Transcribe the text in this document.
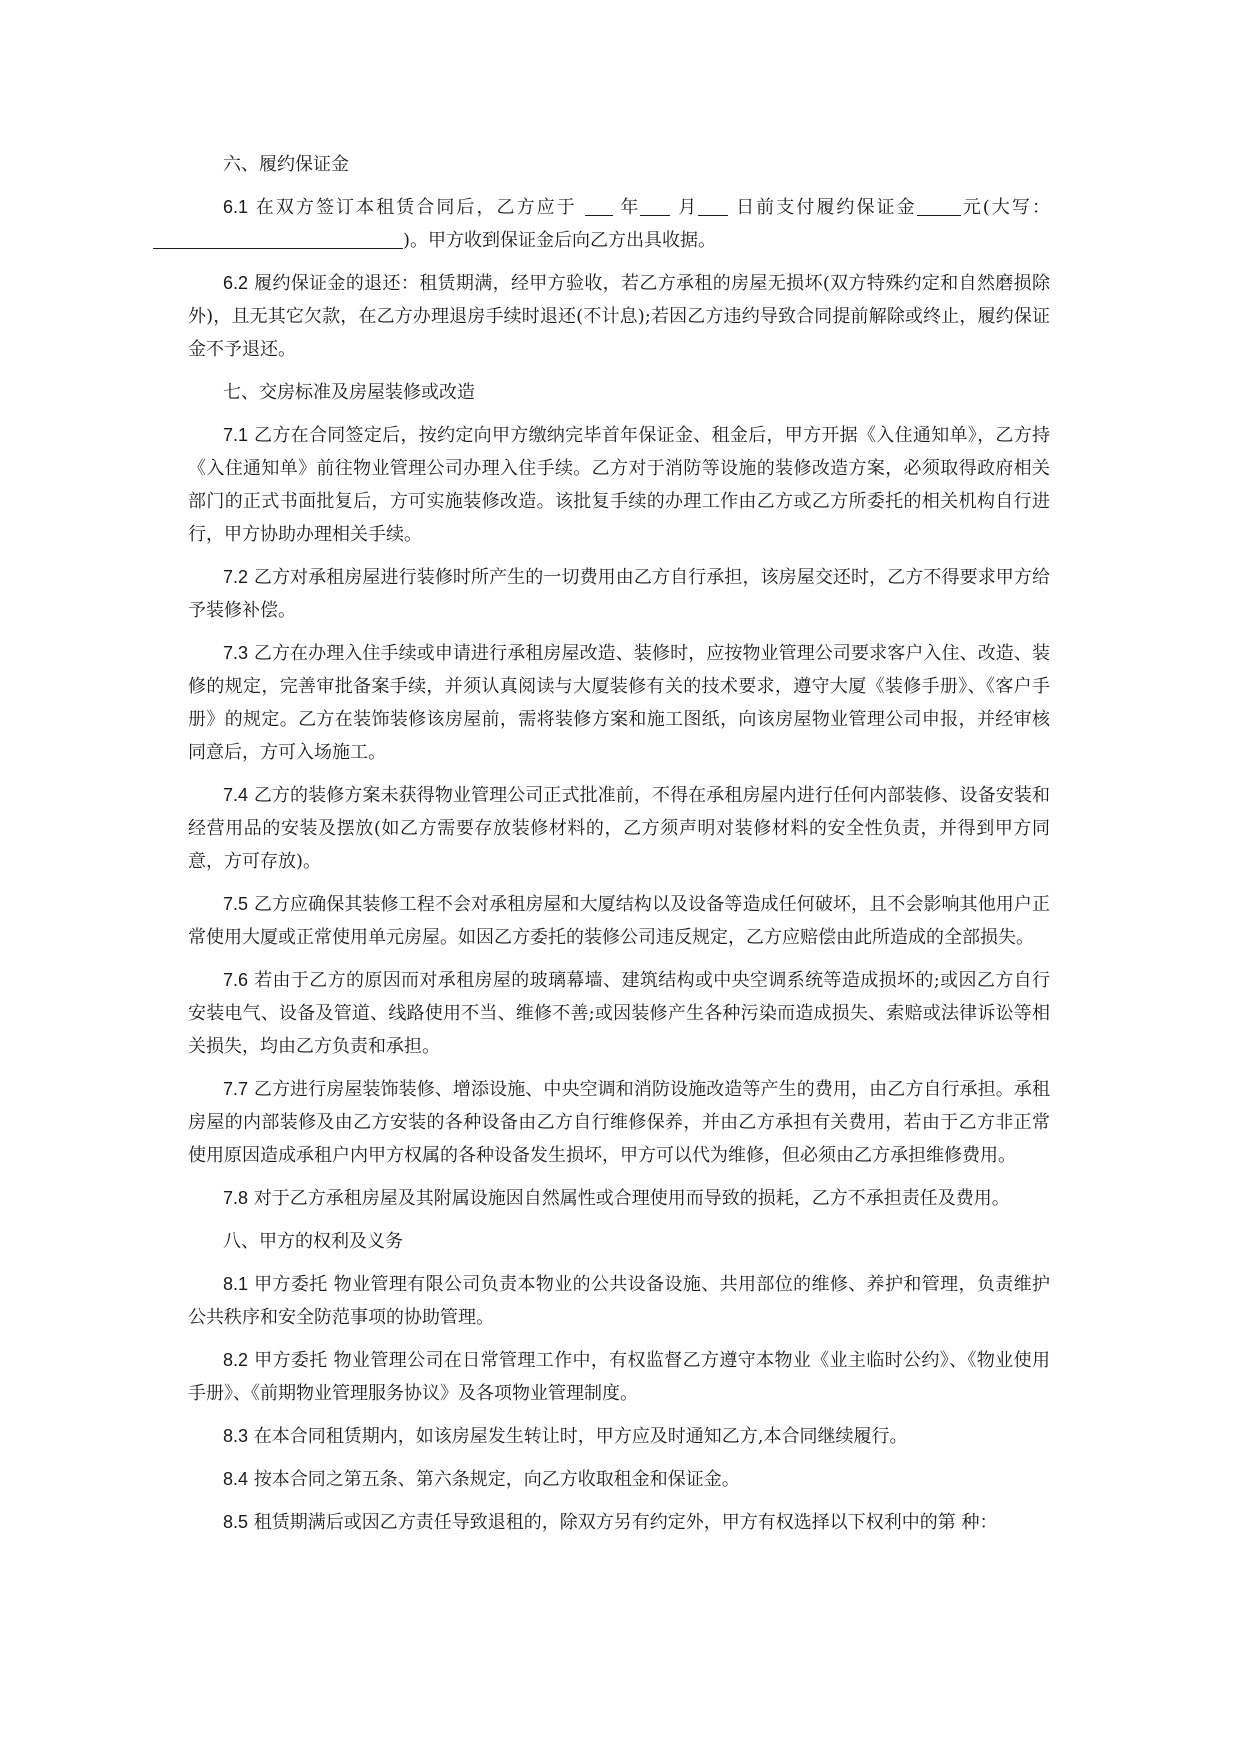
六、履约保证金

6.1 在双方签订本租赁合同后，乙方应于  年 月 日前支付履约保证金 元(大写：)。甲方收到保证金后向乙方出具收据。

6.2 履约保证金的退还：租赁期满，经甲方验收，若乙方承租的房屋无损坏(双方特殊约定和自然磨损除外)，且无其它欠款，在乙方办理退房手续时退还(不计息);若因乙方违约导致合同提前解除或终止，履约保证金不予退还。

七、交房标准及房屋装修或改造

7.1 乙方在合同签定后，按约定向甲方缴纳完毕首年保证金、租金后，甲方开据《入住通知单》，乙方持《入住通知单》前往物业管理公司办理入住手续。乙方对于消防等设施的装修改造方案，必须取得政府相关部门的正式书面批复后，方可实施装修改造。该批复手续的办理工作由乙方或乙方所委托的相关机构自行进行，甲方协助办理相关手续。

7.2 乙方对承租房屋进行装修时所产生的一切费用由乙方自行承担，该房屋交还时，乙方不得要求甲方给予装修补偿。

7.3 乙方在办理入住手续或申请进行承租房屋改造、装修时，应按物业管理公司要求客户入住、改造、装修的规定，完善审批备案手续，并须认真阅读与大厦装修有关的技术要求，遵守大厦《装修手册》、《客户手册》的规定。乙方在装饰装修该房屋前，需将装修方案和施工图纸，向该房屋物业管理公司申报，并经审核同意后，方可入场施工。

7.4 乙方的装修方案未获得物业管理公司正式批准前，不得在承租房屋内进行任何内部装修、设备安装和经营用品的安装及摆放(如乙方需要存放装修材料的，乙方须声明对装修材料的安全性负责，并得到甲方同意，方可存放)。

7.5 乙方应确保其装修工程不会对承租房屋和大厦结构以及设备等造成任何破坏，且不会影响其他用户正常使用大厦或正常使用单元房屋。如因乙方委托的装修公司违反规定，乙方应赔偿由此所造成的全部损失。

7.6 若由于乙方的原因而对承租房屋的玻璃幕墙、建筑结构或中央空调系统等造成损坏的;或因乙方自行安装电气、设备及管道、线路使用不当、维修不善;或因装修产生各种污染而造成损失、索赔或法律诉讼等相关损失，均由乙方负责和承担。

7.7 乙方进行房屋装饰装修、增添设施、中央空调和消防设施改造等产生的费用，由乙方自行承担。承租房屋的内部装修及由乙方安装的各种设备由乙方自行维修保养，并由乙方承担有关费用，若由于乙方非正常使用原因造成承租户内甲方权属的各种设备发生损坏，甲方可以代为维修，但必须由乙方承担维修费用。

7.8 对于乙方承租房屋及其附属设施因自然属性或合理使用而导致的损耗，乙方不承担责任及费用。

八、甲方的权利及义务

8.1 甲方委托 物业管理有限公司负责本物业的公共设备设施、共用部位的维修、养护和管理，负责维护公共秩序和安全防范事项的协助管理。

8.2 甲方委托 物业管理公司在日常管理工作中，有权监督乙方遵守本物业《业主临时公约》、《物业使用手册》、《前期物业管理服务协议》及各项物业管理制度。

8.3 在本合同租赁期内，如该房屋发生转让时，甲方应及时通知乙方,本合同继续履行。

8.4 按本合同之第五条、第六条规定，向乙方收取租金和保证金。

8.5 租赁期满后或因乙方责任导致退租的，除双方另有约定外，甲方有权选择以下权利中的第 种：
